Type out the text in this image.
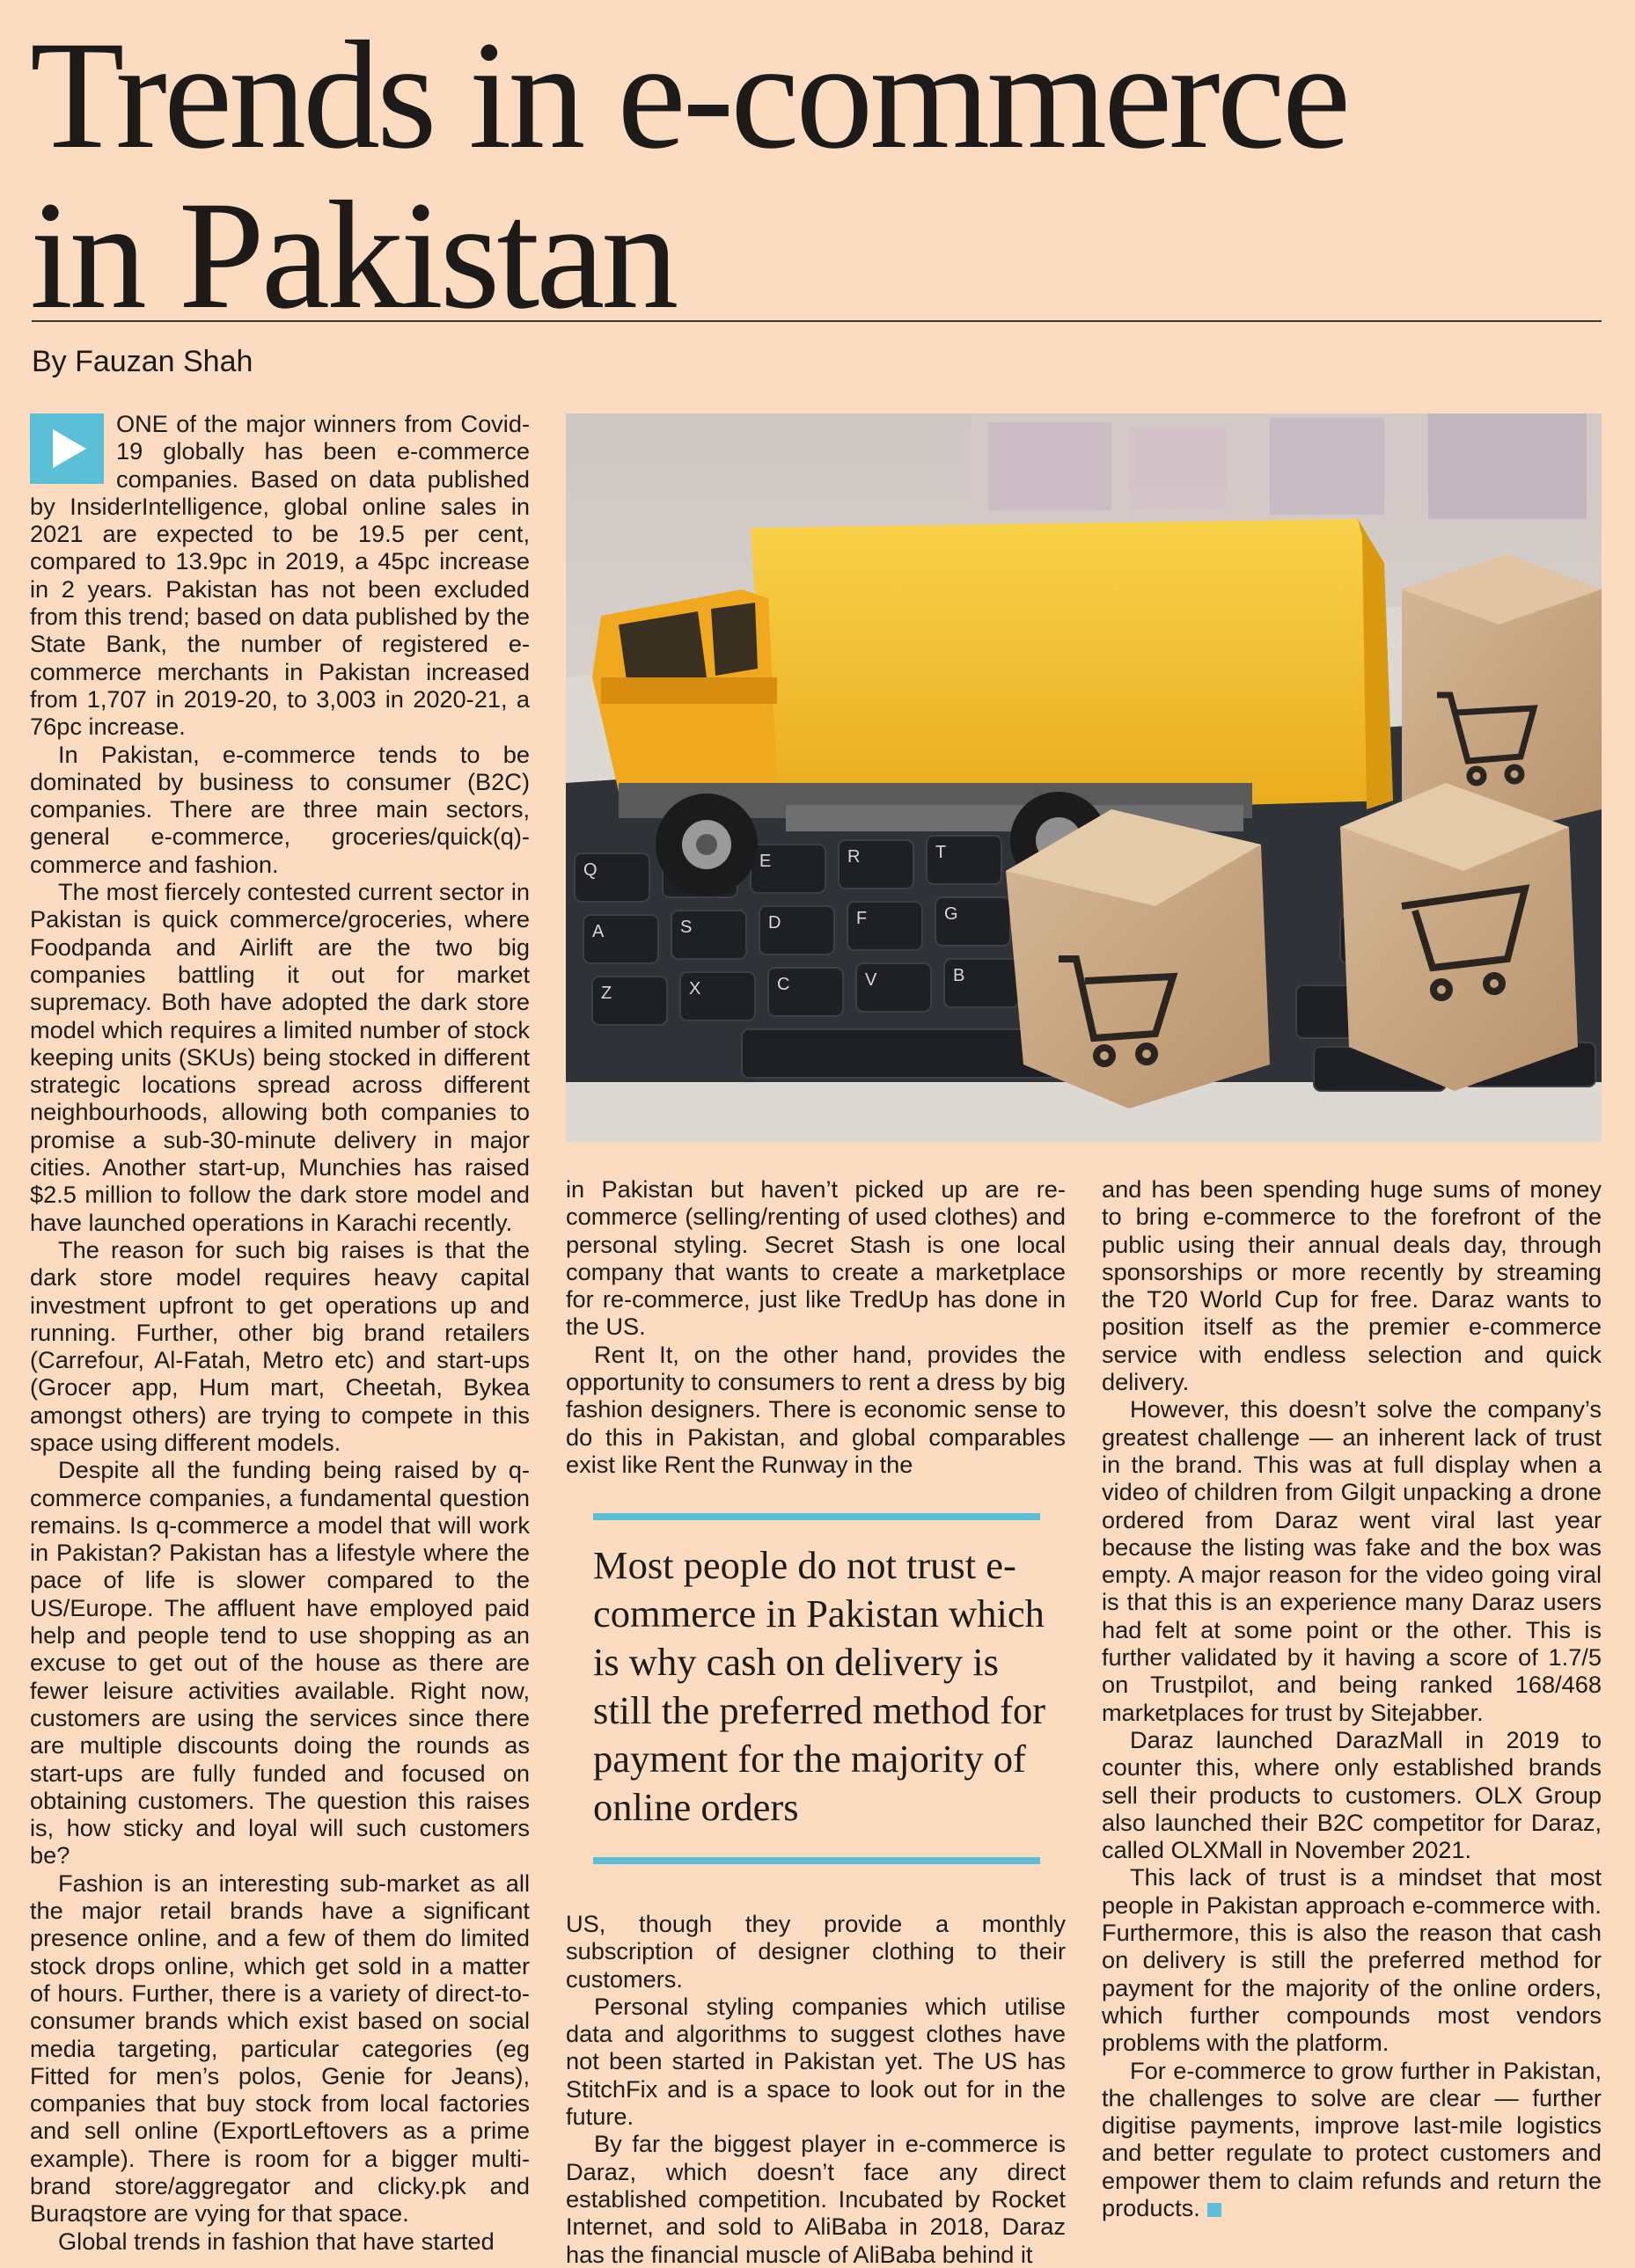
Trends in e-commerce
in Pakistan
By Fauzan Shah

ONE of the major winners from Covid-19 globally has been e-commerce companies. Based on data published by InsiderIntelligence, global online sales in 2021 are expected to be 19.5 per cent, compared to 13.9pc in 2019, a 45pc increase in 2 years. Pakistan has not been excluded from this trend; based on data published by the State Bank, the number of registered e-commerce merchants in Pakistan increased from 1,707 in 2019-20, to 3,003 in 2020-21, a 76pc increase.

In Pakistan, e-commerce tends to be dominated by business to consumer (B2C) companies. There are three main sectors, general e-commerce, groceries/quick(q)-commerce and fashion.

The most fiercely contested current sector in Pakistan is quick commerce/groceries, where Foodpanda and Airlift are the two big companies battling it out for market supremacy. Both have adopted the dark store model which requires a limited number of stock keeping units (SKUs) being stocked in different strategic locations spread across different neighbourhoods, allowing both companies to promise a sub-30-minute delivery in major cities. Another start-up, Munchies has raised $2.5 million to follow the dark store model and have launched operations in Karachi recently.

The reason for such big raises is that the dark store model requires heavy capital investment upfront to get operations up and running. Further, other big brand retailers (Carrefour, Al-Fatah, Metro etc) and start-ups (Grocer app, Hum mart, Cheetah, Bykea amongst others) are trying to compete in this space using different models.

Despite all the funding being raised by q-commerce companies, a fundamental question remains. Is q-commerce a model that will work in Pakistan? Pakistan has a lifestyle where the pace of life is slower compared to the US/Europe. The affluent have employed paid help and people tend to use shopping as an excuse to get out of the house as there are fewer leisure activities available. Right now, customers are using the services since there are multiple discounts doing the rounds as start-ups are fully funded and focused on obtaining customers. The question this raises is, how sticky and loyal will such customers be?

Fashion is an interesting sub-market as all the major retail brands have a significant presence online, and a few of them do limited stock drops online, which get sold in a matter of hours. Further, there is a variety of direct-to-consumer brands which exist based on social media targeting, particular categories (eg Fitted for men’s polos, Genie for Jeans), companies that buy stock from local factories and sell online (ExportLeftovers as a prime example). There is room for a bigger multi-brand store/aggregator and clicky.pk and Buraqstore are vying for that space.

Global trends in fashion that have started

Q	E	R	T
A	S	D	F	G
Z	X	C	V	B

in Pakistan but haven’t picked up are re-commerce (selling/renting of used clothes) and personal styling. Secret Stash is one local company that wants to create a marketplace for re-commerce, just like TredUp has done in the US.

Rent It, on the other hand, provides the opportunity to consumers to rent a dress by big fashion designers. There is economic sense to do this in Pakistan, and global comparables exist like Rent the Runway in the

Most people do not trust e-commerce in Pakistan which is why cash on delivery is still the preferred method for payment for the majority of online orders

US, though they provide a monthly subscription of designer clothing to their customers.

Personal styling companies which utilise data and algorithms to suggest clothes have not been started in Pakistan yet. The US has StitchFix and is a space to look out for in the future.

By far the biggest player in e-commerce is Daraz, which doesn’t face any direct established competition. Incubated by Rocket Internet, and sold to AliBaba in 2018, Daraz has the financial muscle of AliBaba behind it

and has been spending huge sums of money to bring e-commerce to the forefront of the public using their annual deals day, through sponsorships or more recently by streaming the T20 World Cup for free. Daraz wants to position itself as the premier e-commerce service with endless selection and quick delivery.

However, this doesn’t solve the company’s greatest challenge — an inherent lack of trust in the brand. This was at full display when a video of children from Gilgit unpacking a drone ordered from Daraz went viral last year because the listing was fake and the box was empty. A major reason for the video going viral is that this is an experience many Daraz users had felt at some point or the other. This is further validated by it having a score of 1.7/5 on Trustpilot, and being ranked 168/468 marketplaces for trust by Sitejabber.

Daraz launched DarazMall in 2019 to counter this, where only established brands sell their products to customers. OLX Group also launched their B2C competitor for Daraz, called OLXMall in November 2021.

This lack of trust is a mindset that most people in Pakistan approach e-commerce with. Furthermore, this is also the reason that cash on delivery is still the preferred method for payment for the majority of the online orders, which further compounds most vendors problems with the platform.

For e-commerce to grow further in Pakistan, the challenges to solve are clear — further digitise payments, improve last-mile logistics and better regulate to protect customers and empower them to claim refunds and return the products.
